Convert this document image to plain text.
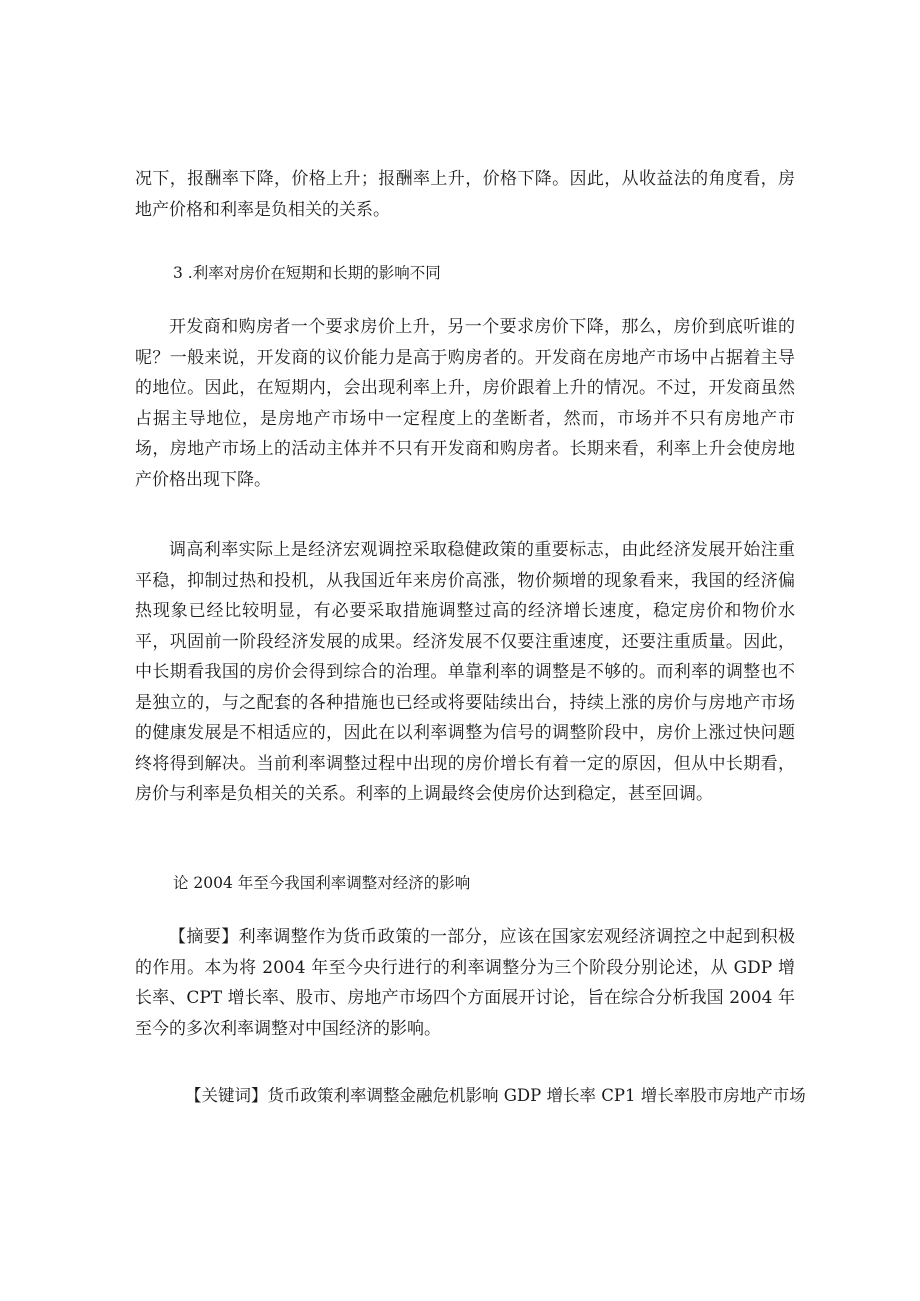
况下，报酬率下降，价格上升；报酬率上升，价格下降。因此，从收益法的角度看，房地产价格和利率是负相关的关系。

3 .利率对房价在短期和长期的影响不同

开发商和购房者一个要求房价上升，另一个要求房价下降，那么，房价到底听谁的呢？一般来说，开发商的议价能力是高于购房者的。开发商在房地产市场中占据着主导的地位。因此，在短期内，会出现利率上升，房价跟着上升的情况。不过，开发商虽然占据主导地位，是房地产市场中一定程度上的垄断者，然而，市场并不只有房地产市场，房地产市场上的活动主体并不只有开发商和购房者。长期来看，利率上升会使房地产价格出现下降。

调高利率实际上是经济宏观调控采取稳健政策的重要标志，由此经济发展开始注重平稳，抑制过热和投机，从我国近年来房价高涨，物价频增的现象看来，我国的经济偏热现象已经比较明显，有必要采取措施调整过高的经济增长速度，稳定房价和物价水平，巩固前一阶段经济发展的成果。经济发展不仅要注重速度，还要注重质量。因此，中长期看我国的房价会得到综合的治理。单靠利率的调整是不够的。而利率的调整也不是独立的，与之配套的各种措施也已经或将要陆续出台，持续上涨的房价与房地产市场的健康发展是不相适应的，因此在以利率调整为信号的调整阶段中，房价上涨过快问题终将得到解决。当前利率调整过程中出现的房价增长有着一定的原因，但从中长期看，房价与利率是负相关的关系。利率的上调最终会使房价达到稳定，甚至回调。

论 2004 年至今我国利率调整对经济的影响

【摘要】利率调整作为货币政策的一部分，应该在国家宏观经济调控之中起到积极的作用。本为将 2004 年至今央行进行的利率调整分为三个阶段分别论述，从 GDP 增长率、CPT 增长率、股市、房地产市场四个方面展开讨论，旨在综合分析我国 2004 年至今的多次利率调整对中国经济的影响。

【关键词】货币政策利率调整金融危机影响 GDP 增长率 CP1 增长率股市房地产市场
